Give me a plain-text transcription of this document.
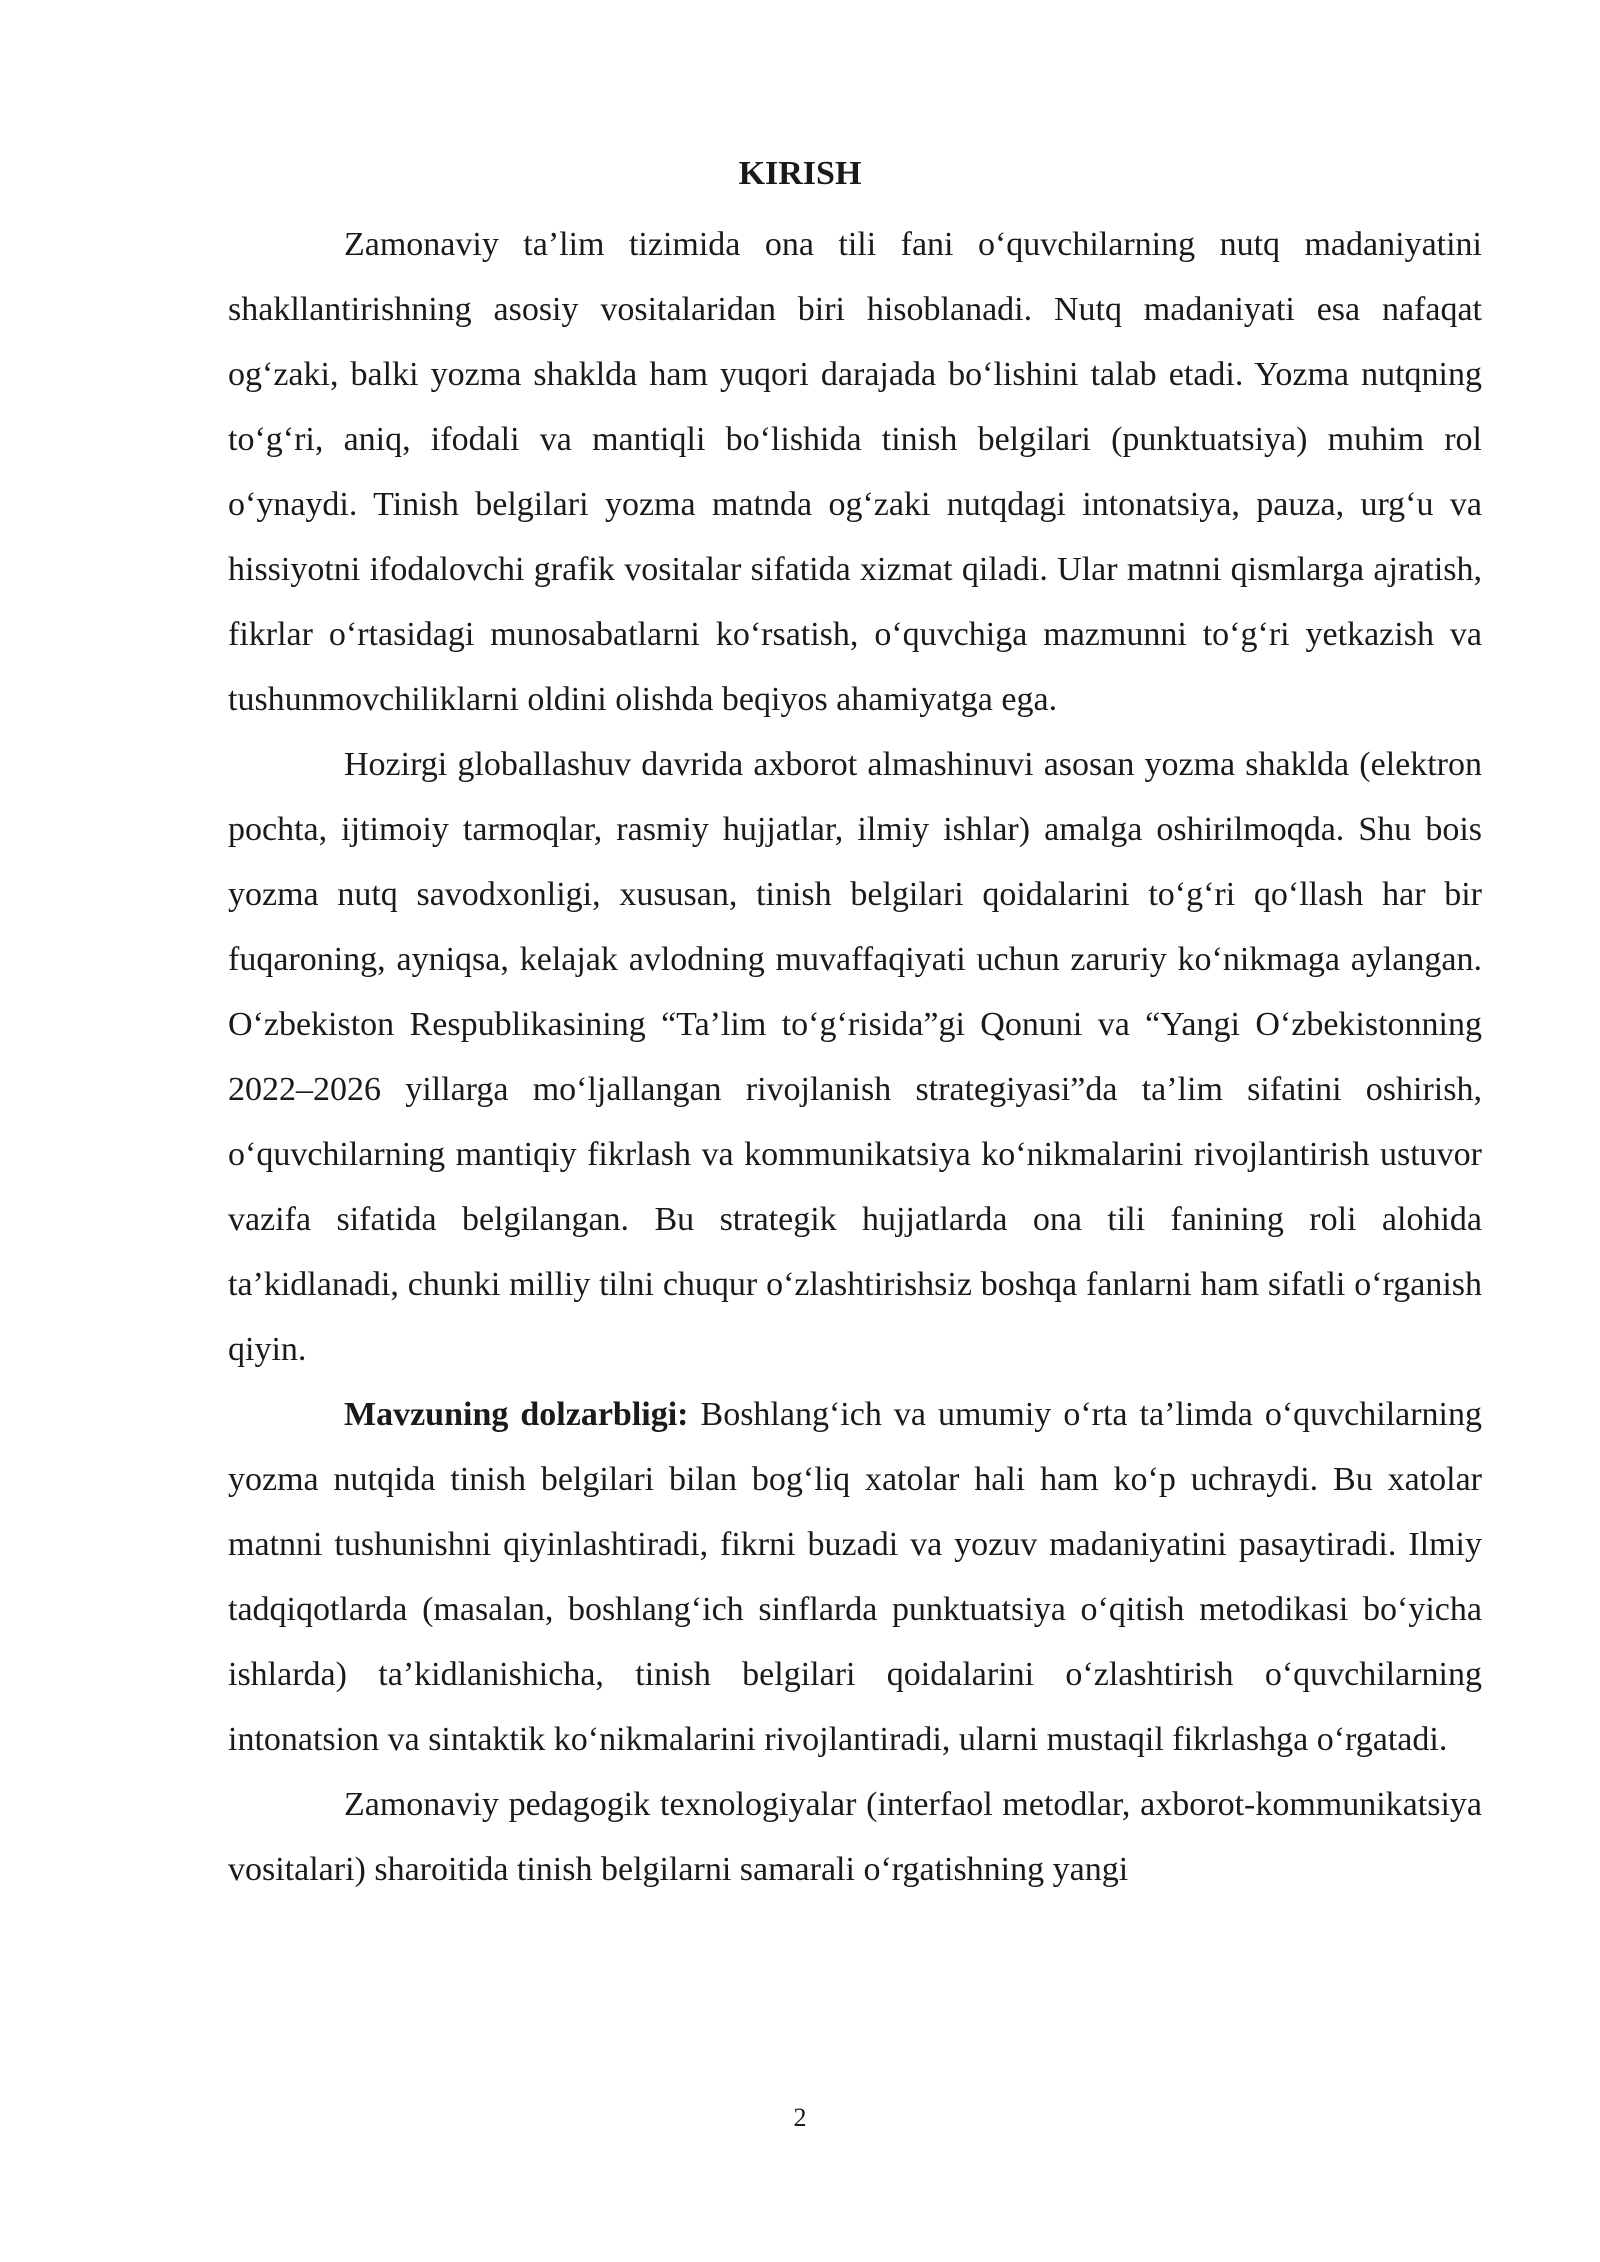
KIRISH

Zamonaviy ta’lim tizimida ona tili fani o‘quvchilarning nutq madaniyatini shakllantirishning asosiy vositalaridan biri hisoblanadi. Nutq madaniyati esa nafaqat og‘zaki, balki yozma shaklda ham yuqori darajada bo‘lishini talab etadi. Yozma nutqning to‘g‘ri, aniq, ifodali va mantiqli bo‘lishida tinish belgilari (punktuatsiya) muhim rol o‘ynaydi. Tinish belgilari yozma matnda og‘zaki nutqdagi intonatsiya, pauza, urg‘u va hissiyotni ifodalovchi grafik vositalar sifatida xizmat qiladi. Ular matnni qismlarga ajratish, fikrlar o‘rtasidagi munosabatlarni ko‘rsatish, o‘quvchiga mazmunni to‘g‘ri yetkazish va tushunmovchiliklarni oldini olishda beqiyos ahamiyatga ega.

Hozirgi globallashuv davrida axborot almashinuvi asosan yozma shaklda (elektron pochta, ijtimoiy tarmoqlar, rasmiy hujjatlar, ilmiy ishlar) amalga oshirilmoqda. Shu bois yozma nutq savodxonligi, xususan, tinish belgilari qoidalarini to‘g‘ri qo‘llash har bir fuqaroning, ayniqsa, kelajak avlodning muvaffaqiyati uchun zaruriy ko‘nikmaga aylangan. O‘zbekiston Respublikasining “Ta’lim to‘g‘risida”gi Qonuni va “Yangi O‘zbekistonning 2022–2026 yillarga mo‘ljallangan rivojlanish strategiyasi”da ta’lim sifatini oshirish, o‘quvchilarning mantiqiy fikrlash va kommunikatsiya ko‘nikmalarini rivojlantirish ustuvor vazifa sifatida belgilangan. Bu strategik hujjatlarda ona tili fanining roli alohida ta’kidlanadi, chunki milliy tilni chuqur o‘zlashtirishsiz boshqa fanlarni ham sifatli o‘rganish qiyin.

Mavzuning dolzarbligi: Boshlang‘ich va umumiy o‘rta ta’limda o‘quvchilarning yozma nutqida tinish belgilari bilan bog‘liq xatolar hali ham ko‘p uchraydi. Bu xatolar matnni tushunishni qiyinlashtiradi, fikrni buzadi va yozuv madaniyatini pasaytiradi. Ilmiy tadqiqotlarda (masalan, boshlang‘ich sinflarda punktuatsiya o‘qitish metodikasi bo‘yicha ishlarda) ta’kidlanishicha, tinish belgilari qoidalarini o‘zlashtirish o‘quvchilarning intonatsion va sintaktik ko‘nikmalarini rivojlantiradi, ularni mustaqil fikrlashga o‘rgatadi.

Zamonaviy pedagogik texnologiyalar (interfaol metodlar, axborot-kommunikatsiya vositalari) sharoitida tinish belgilarni samarali o‘rgatishning yangi

2
